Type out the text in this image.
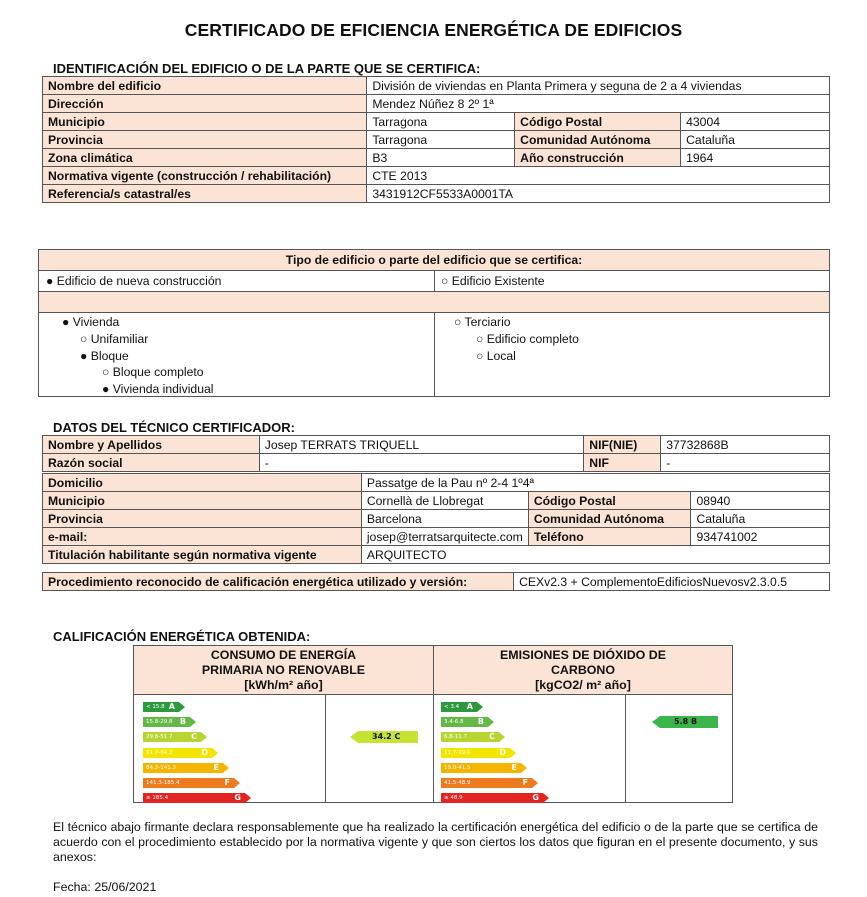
CERTIFICADO DE EFICIENCIA ENERGÉTICA DE EDIFICIOS
IDENTIFICACIÓN DEL EDIFICIO O DE LA PARTE QUE SE CERTIFICA:
Nombre del edificio	División de viviendas en Planta Primera y seguna de 2 a 4 viviendas		
Dirección	Mendez Núñez 8 2º 1ª		
Municipio	Tarragona	Código Postal	43004
Provincia	Tarragona	Comunidad Autónoma	Cataluña
Zona climática	B3	Año construcción	1964
Normativa vigente (construcción / rehabilitación)	CTE 2013		
Referencia/s catastral/es	3431912CF5533A0001TA		
Tipo de edificio o parte del edificio que se certifica:
● Edificio de nueva construcción	○ Edificio Existente
● Vivienda
○ Unifamiliar
● Bloque
○ Bloque completo
● Vivienda individual
○ Terciario
○ Edificio completo
○ Local
DATOS DEL TÉCNICO CERTIFICADOR:
Nombre y Apellidos	Josep TERRATS TRIQUELL	NIF(NIE)	37732868B
Razón social	-	NIF	-
Domicilio	Passatge de la Pau nº 2-4 1º4ª		
Municipio	Cornellà de Llobregat	Código Postal	08940
Provincia	Barcelona	Comunidad Autónoma	Cataluña
e-mail:	josep@terratsarquitecte.com	Teléfono	934741002
Titulación habilitante según normativa vigente	ARQUITECTO		
Procedimiento reconocido de calificación energética utilizado y versión:	CEXv2.3 + ComplementoEdificiosNuevosv2.3.0.5
CALIFICACIÓN ENERGÉTICA OBTENIDA:
CONSUMO DE ENERGÍA
PRIMARIA NO RENOVABLE
[kWh/m² año]
EMISIONES DE DIÓXIDO DE
CARBONO
[kgCO2/ m² año]
< 15.8 A
15.8-29.8 B
29.8-51.7 C
51.7-84.2	D
84.2-141.3	E
141.3-185.4	F
≥ 185.4	G
< 3.4 A
3.4-6.8 B
6.8-11.7	C
11.7-19.0	D
19.0-41.5	E
41.5-48.9	F
≥ 48.9	G
34.2 C
5.8 B
El técnico abajo firmante declara responsablemente que ha realizado la certificación energética del edificio o de la parte que se certifica de acuerdo con el procedimiento establecido por la normativa vigente y que son ciertos los datos que figuran en el presente documento, y sus anexos:
Fecha: 25/06/2021
